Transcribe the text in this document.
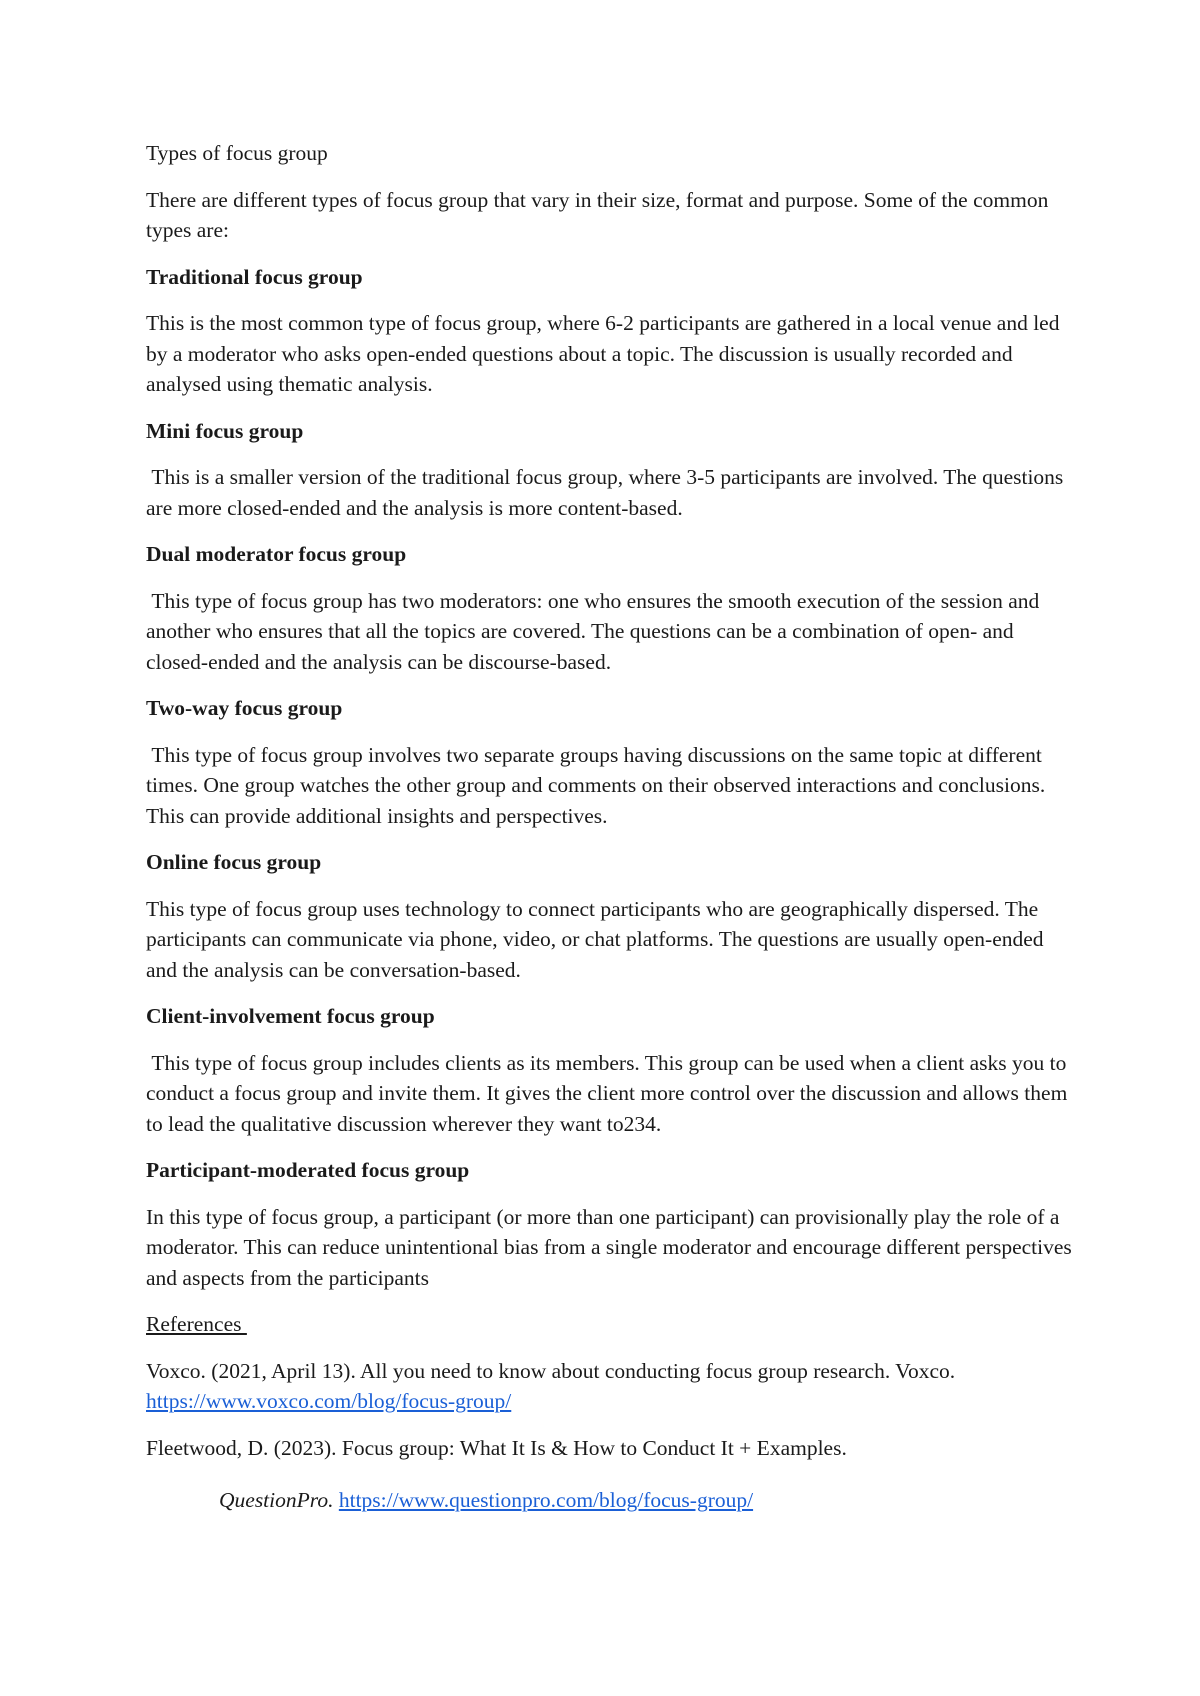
Types of focus group

There are different types of focus group that vary in their size, format and purpose. Some of the common types are:

Traditional focus group

This is the most common type of focus group, where 6-2 participants are gathered in a local venue and led by a moderator who asks open-ended questions about a topic. The discussion is usually recorded and analysed using thematic analysis.

Mini focus group

This is a smaller version of the traditional focus group, where 3-5 participants are involved. The questions are more closed-ended and the analysis is more content-based.

Dual moderator focus group

This type of focus group has two moderators: one who ensures the smooth execution of the session and another who ensures that all the topics are covered. The questions can be a combination of open- and closed-ended and the analysis can be discourse-based.

Two-way focus group

This type of focus group involves two separate groups having discussions on the same topic at different times. One group watches the other group and comments on their observed interactions and conclusions. This can provide additional insights and perspectives.

Online focus group

This type of focus group uses technology to connect participants who are geographically dispersed. The participants can communicate via phone, video, or chat platforms. The questions are usually open-ended and the analysis can be conversation-based.

Client-involvement focus group

This type of focus group includes clients as its members. This group can be used when a client asks you to conduct a focus group and invite them. It gives the client more control over the discussion and allows them to lead the qualitative discussion wherever they want to234.

Participant-moderated focus group

In this type of focus group, a participant (or more than one participant) can provisionally play the role of a moderator. This can reduce unintentional bias from a single moderator and encourage different perspectives and aspects from the participants

References

Voxco. (2021, April 13). All you need to know about conducting focus group research. Voxco. https://www.voxco.com/blog/focus-group/

Fleetwood, D. (2023). Focus group: What It Is & How to Conduct It + Examples.

QuestionPro. https://www.questionpro.com/blog/focus-group/
